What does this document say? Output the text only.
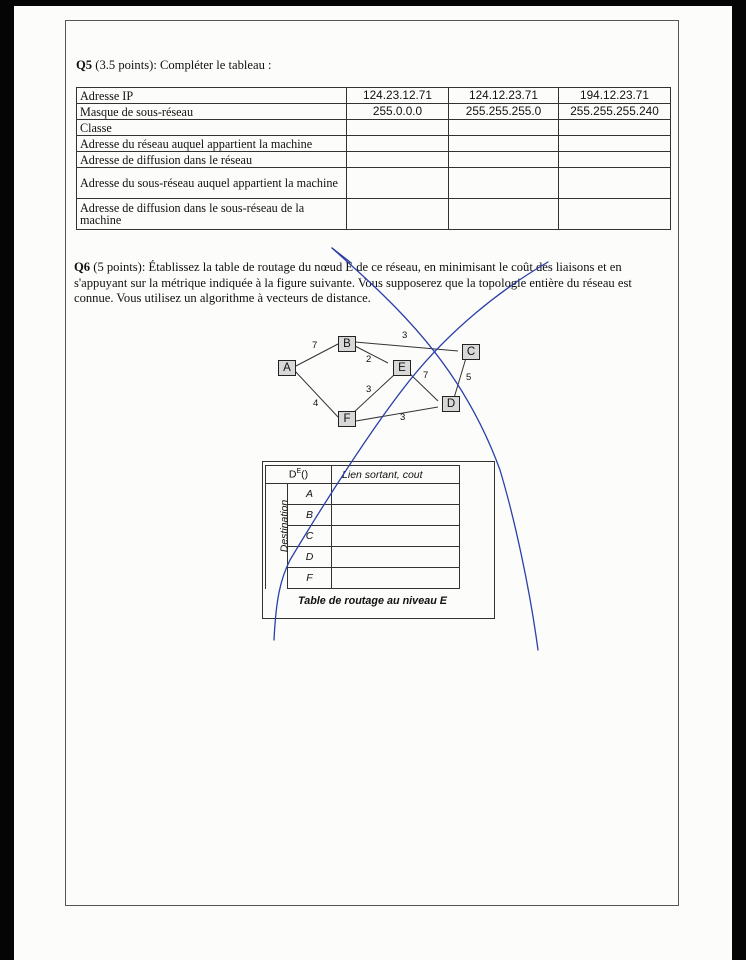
Q5 (3.5 points): Compléter le tableau :
Adresse IP	124.23.12.71	124.12.23.71	194.12.23.71

Masque de sous-réseau	255.0.0.0	255.255.255.0	255.255.255.240

Classe			
Adresse du réseau auquel appartient la machine			
Adresse de diffusion dans le réseau			
Adresse du sous-réseau auquel appartient la machine			
Adresse de diffusion dans le sous-réseau de la machine			
Q6 (5 points): Établissez la table de routage du nœud E de ce réseau, en minimisant le coût des liaisons et en s'appuyant sur la métrique indiquée à la figure suivante. Vous supposerez que la topologie entière du réseau est connue. Vous utilisez un algorithme à vecteurs de distance.
A
B
C
D
E
F
7
4
2
3
3
7	5
3
$D^E()$		Lien sortant, cout
	A	
	B	
	C	
	D	
	F	
Destination
Table de routage au niveau E
